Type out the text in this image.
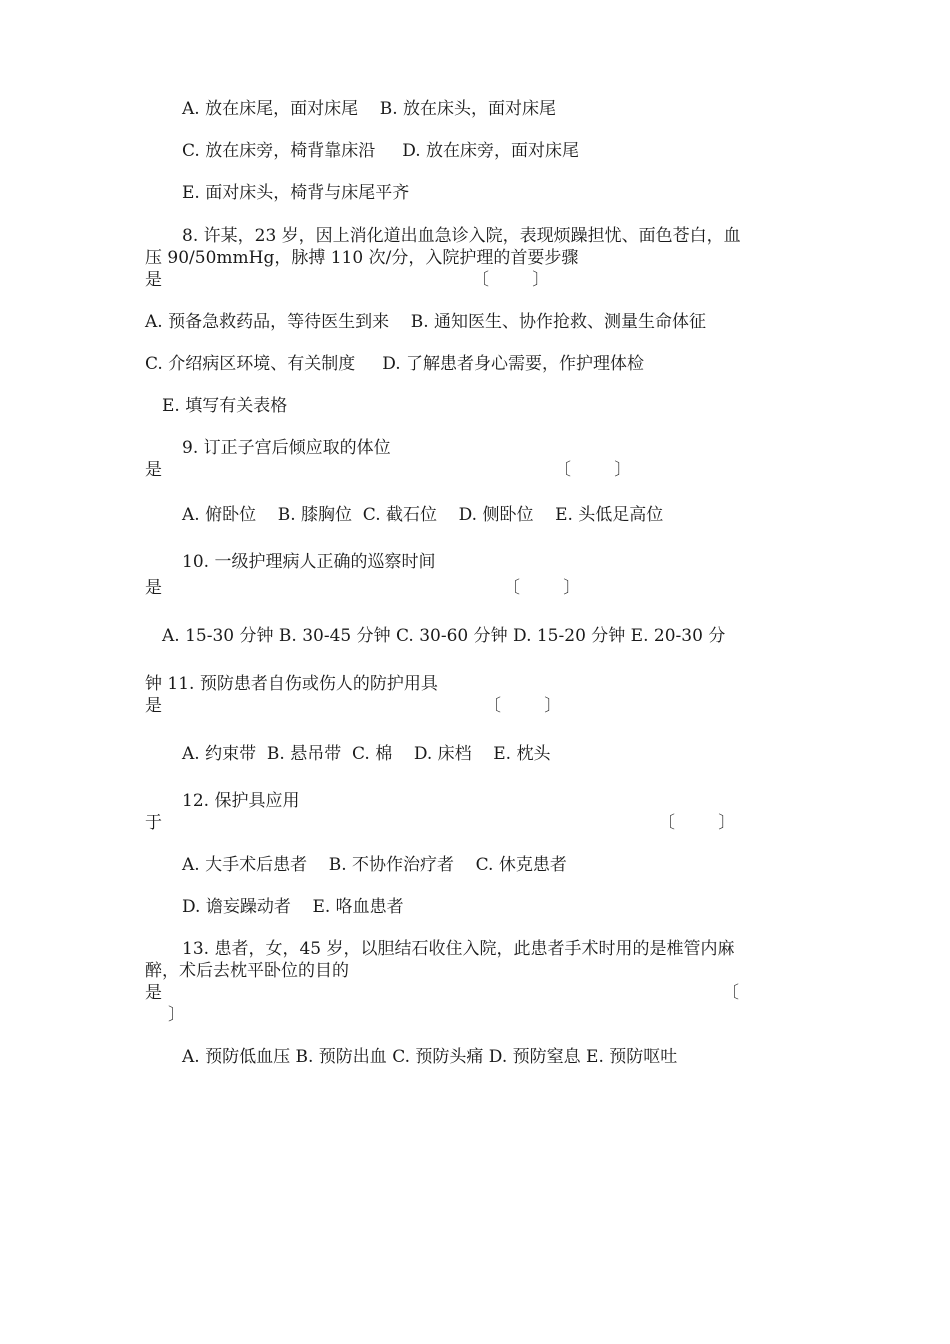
A. 放在床尾，面对床尾    B. 放在床头，面对床尾
C. 放在床旁，椅背靠床沿     D. 放在床旁，面对床尾
E. 面对床头，椅背与床尾平齐
8. 许某，23 岁，因上消化道出血急诊入院，表现烦躁担忧、面色苍白，血
压 90/50mmHg，脉搏 110 次/分，入院护理的首要步骤
是	〔        〕
A. 预备急救药品，等待医生到来    B. 通知医生、协作抢救、测量生命体征
C. 介绍病区环境、有关制度     D. 了解患者身心需要，作护理体检
E. 填写有关表格
9. 订正子宫后倾应取的体位
是	〔        〕
A. 俯卧位    B. 膝胸位  C. 截石位    D. 侧卧位    E. 头低足高位
10. 一级护理病人正确的巡察时间
是	〔        〕
A. 15-30 分钟 B. 30-45 分钟 C. 30-60 分钟 D. 15-20 分钟 E. 20-30 分
钟 11. 预防患者自伤或伤人的防护用具
是	〔        〕
A. 约束带  B. 悬吊带  C. 棉    D. 床档    E. 枕头
12. 保护具应用
于	〔        〕
A. 大手术后患者    B. 不协作治疗者    C. 休克患者
D. 谵妄躁动者    E. 咯血患者
13. 患者，女，45 岁，以胆结石收住入院，此患者手术时用的是椎管内麻
醉，术后去枕平卧位的目的
是	〔
〕
A. 预防低血压 B. 预防出血 C. 预防头痛 D. 预防窒息 E. 预防呕吐
